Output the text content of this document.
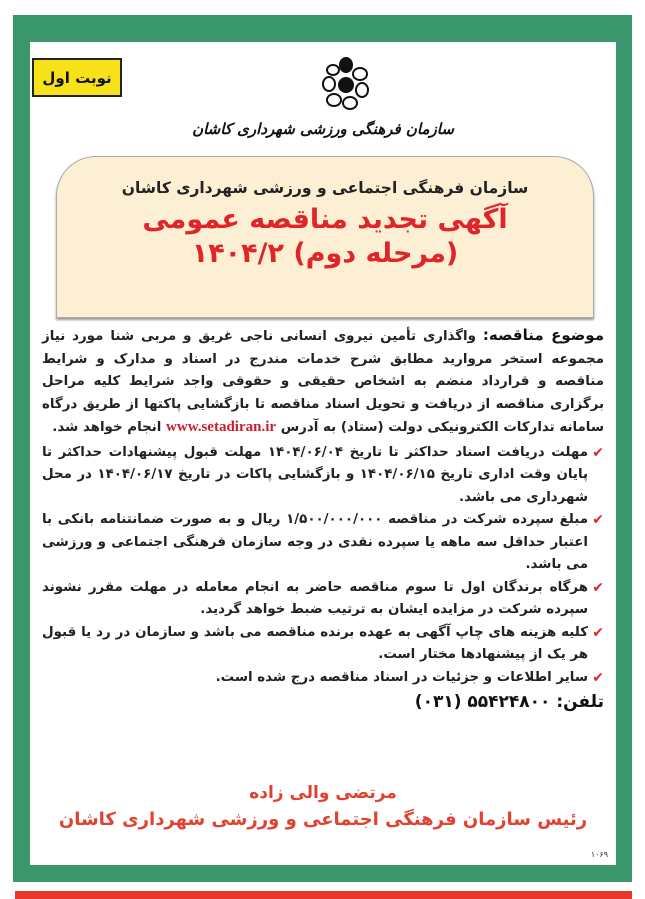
نوبت اول
سازمان فرهنگی ورزشی شهرداری کاشان
سازمان فرهنگی اجتماعی و ورزشی شهرداری کاشان
آگهی تجدید مناقصه عمومی
(مرحله دوم) ۱۴۰۴/۲
موضوع مناقصه: واگذاری تأمین نیروی انسانی ناجی غریق و مربی شنا مورد نیاز مجموعه استخر مروارید مطابق شرح خدمات مندرج در اسناد و مدارک و شرایط مناقصه و قرارداد منضم به اشخاص حقیقی و حقوقی واجد شرایط کلیه مراحل برگزاری مناقصه از دریافت و تحویل اسناد مناقصه تا بازگشایی پاکتها از طریق درگاه سامانه تدارکات الکترونیکی دولت (ستاد) به آدرس www.setadiran.ir انجام خواهد شد.
✔
مهلت دریافت اسناد حداکثر تا تاریخ ۱۴۰۴/۰۶/۰۴ مهلت قبول پیشنهادات حداکثر تا پایان وقت اداری تاریخ ۱۴۰۴/۰۶/۱۵ و بازگشایی پاکات در تاریخ ۱۴۰۴/۰۶/۱۷ در محل شهرداری می باشد.
✔
مبلغ سپرده شرکت در مناقصه ۱/۵۰۰/۰۰۰/۰۰۰ ریال و به صورت ضمانتنامه بانکی با اعتبار حداقل سه ماهه یا سپرده نقدی در وجه سازمان فرهنگی اجتماعی و ورزشی می باشد.
✔
هرگاه برندگان اول تا سوم مناقصه حاضر به انجام معامله در مهلت مقرر نشوند سپرده شرکت در مزایده ایشان به ترتیب ضبط خواهد گردید.
✔
کلیه هزینه های چاپ آگهی به عهده برنده مناقصه می باشد و سازمان در رد یا قبول هر یک از پیشنهادها مختار است.
✔
سایر اطلاعات و جزئیات در اسناد مناقصه درج شده است.
تلفن: ۵۵۴۲۴۸۰۰ (۰۳۱)
مرتضی والی زاده
رئیس سازمان فرهنگی اجتماعی و ورزشی شهرداری کاشان
۱۰۶۹
